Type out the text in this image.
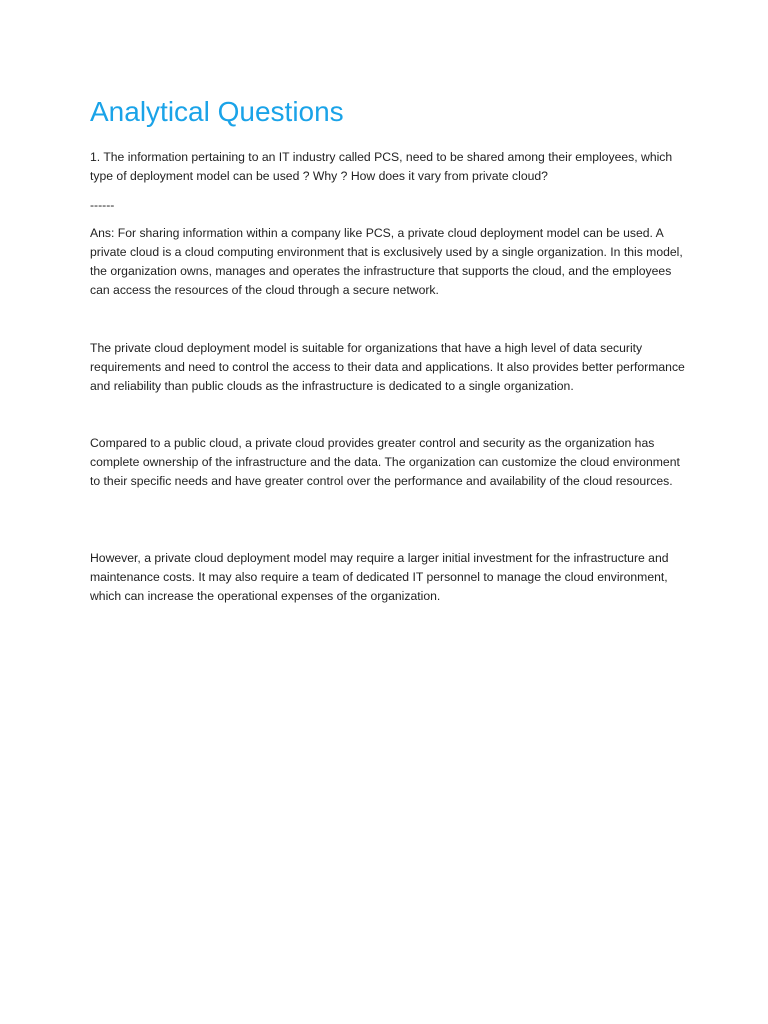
Analytical Questions

1. The information pertaining to an IT industry called PCS, need to be shared among their employees, which type of deployment model can be used ? Why ? How does it vary from private cloud?

------

Ans: For sharing information within a company like PCS, a private cloud deployment model can be used. A private cloud is a cloud computing environment that is exclusively used by a single organization. In this model, the organization owns, manages and operates the infrastructure that supports the cloud, and the employees can access the resources of the cloud through a secure network.

The private cloud deployment model is suitable for organizations that have a high level of data security requirements and need to control the access to their data and applications. It also provides better performance and reliability than public clouds as the infrastructure is dedicated to a single organization.

Compared to a public cloud, a private cloud provides greater control and security as the organization has complete ownership of the infrastructure and the data. The organization can customize the cloud environment to their specific needs and have greater control over the performance and availability of the cloud resources.

However, a private cloud deployment model may require a larger initial investment for the infrastructure and maintenance costs. It may also require a team of dedicated IT personnel to manage the cloud environment, which can increase the operational expenses of the organization.
